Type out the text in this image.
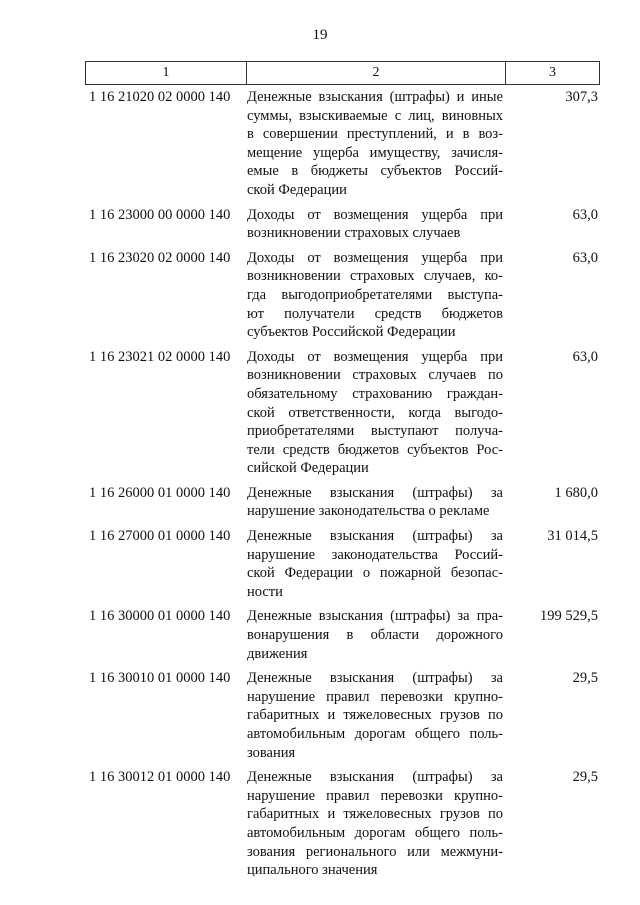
19
1	2	3
1 16 21020 02 0000 140	Денежные взыскания (штрафы) и иные
суммы, взыскиваемые с лиц, виновных
в совершении преступлений, и в воз-
мещение ущерба имуществу, зачисля-
емые в бюджеты субъектов Россий-
ской Федерации
307,3
1 16 23000 00 0000 140	Доходы от возмещения ущерба при
возникновении страховых случаев
63,0
1 16 23020 02 0000 140	Доходы от возмещения ущерба при
возникновении страховых случаев, ко-
гда выгодоприобретателями выступа-
ют получатели средств бюджетов
субъектов Российской Федерации
63,0
1 16 23021 02 0000 140	Доходы от возмещения ущерба при
возникновении страховых случаев по
обязательному страхованию граждан-
ской ответственности, когда выгодо-
приобретателями выступают получа-
тели средств бюджетов субъектов Рос-
сийской Федерации
63,0
1 16 26000 01 0000 140	Денежные взыскания (штрафы) за
нарушение законодательства о рекламе
1 680,0
1 16 27000 01 0000 140	Денежные взыскания (штрафы) за
нарушение законодательства Россий-
ской Федерации о пожарной безопас-
ности
31 014,5
1 16 30000 01 0000 140	Денежные взыскания (штрафы) за пра-
вонарушения в области дорожного
движения
199 529,5
1 16 30010 01 0000 140	Денежные взыскания (штрафы) за
нарушение правил перевозки крупно-
габаритных и тяжеловесных грузов по
автомобильным дорогам общего поль-
зования
29,5
1 16 30012 01 0000 140	Денежные взыскания (штрафы) за
нарушение правил перевозки крупно-
габаритных и тяжеловесных грузов по
автомобильным дорогам общего поль-
зования регионального или межмуни-
ципального значения
29,5
